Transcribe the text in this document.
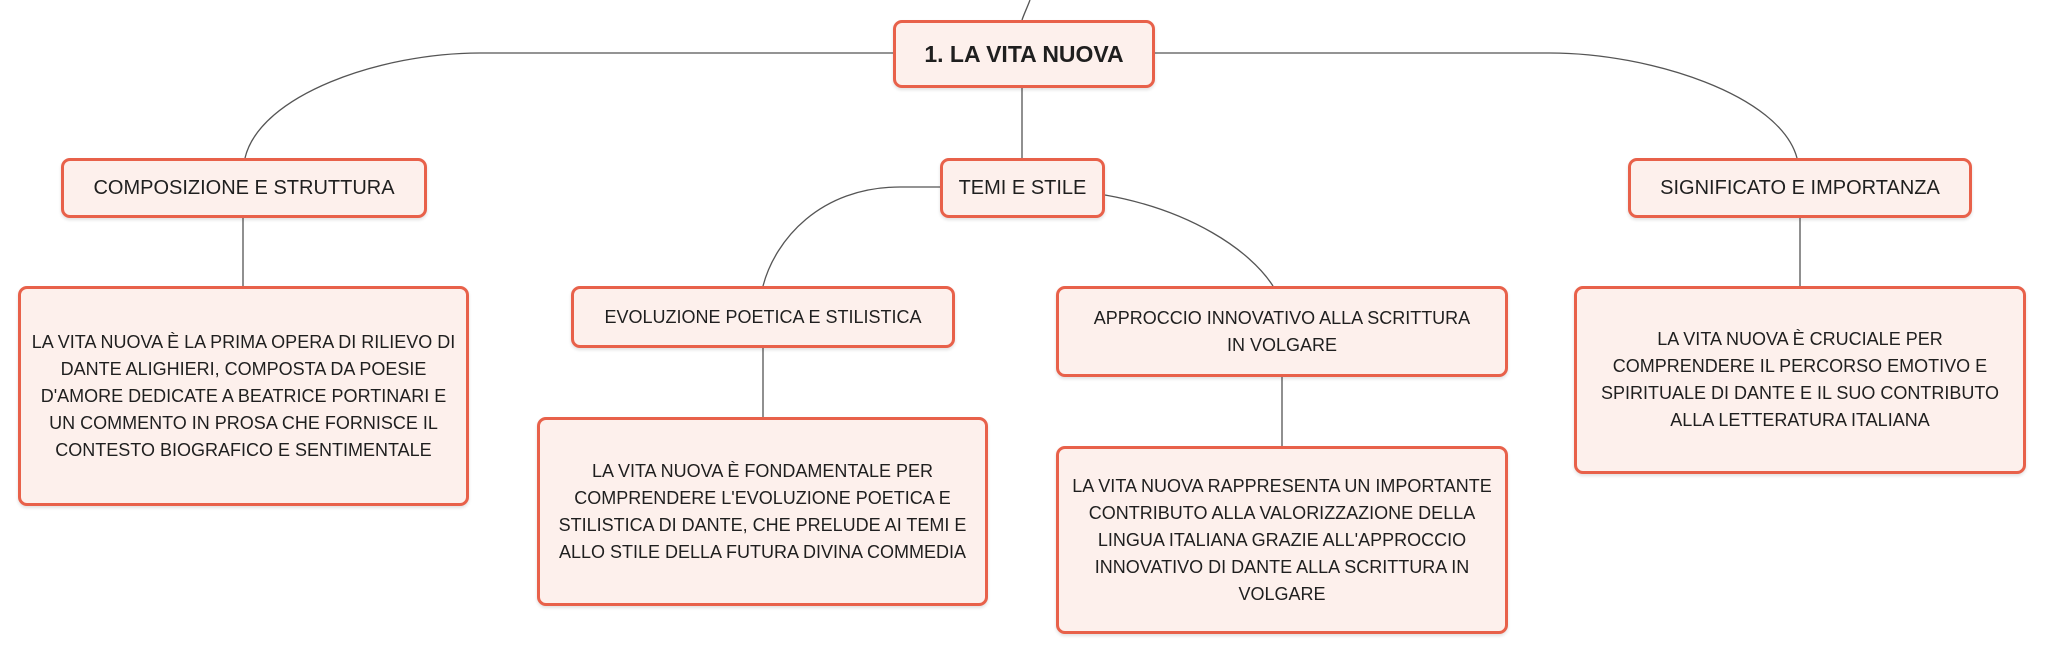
1. LA VITA NUOVA
COMPOSIZIONE E STRUTTURA	TEMI E STILE	SIGNIFICATO E IMPORTANZA
EVOLUZIONE POETICA E STILISTICA	APPROCCIO INNOVATIVO ALLA SCRITTURA IN VOLGARE
LA VITA NUOVA È LA PRIMA OPERA DI RILIEVO DI DANTE ALIGHIERI, COMPOSTA DA POESIE D'AMORE DEDICATE A BEATRICE PORTINARI E UN COMMENTO IN PROSA CHE FORNISCE IL CONTESTO BIOGRAFICO E SENTIMENTALE
LA VITA NUOVA È FONDAMENTALE PER COMPRENDERE L'EVOLUZIONE POETICA E STILISTICA DI DANTE, CHE PRELUDE AI TEMI E ALLO STILE DELLA FUTURA DIVINA COMMEDIA
LA VITA NUOVA RAPPRESENTA UN IMPORTANTE CONTRIBUTO ALLA VALORIZZAZIONE DELLA LINGUA ITALIANA GRAZIE ALL'APPROCCIO INNOVATIVO DI DANTE ALLA SCRITTURA IN VOLGARE
LA VITA NUOVA È CRUCIALE PER COMPRENDERE IL PERCORSO EMOTIVO E SPIRITUALE DI DANTE E IL SUO CONTRIBUTO ALLA LETTERATURA ITALIANA
